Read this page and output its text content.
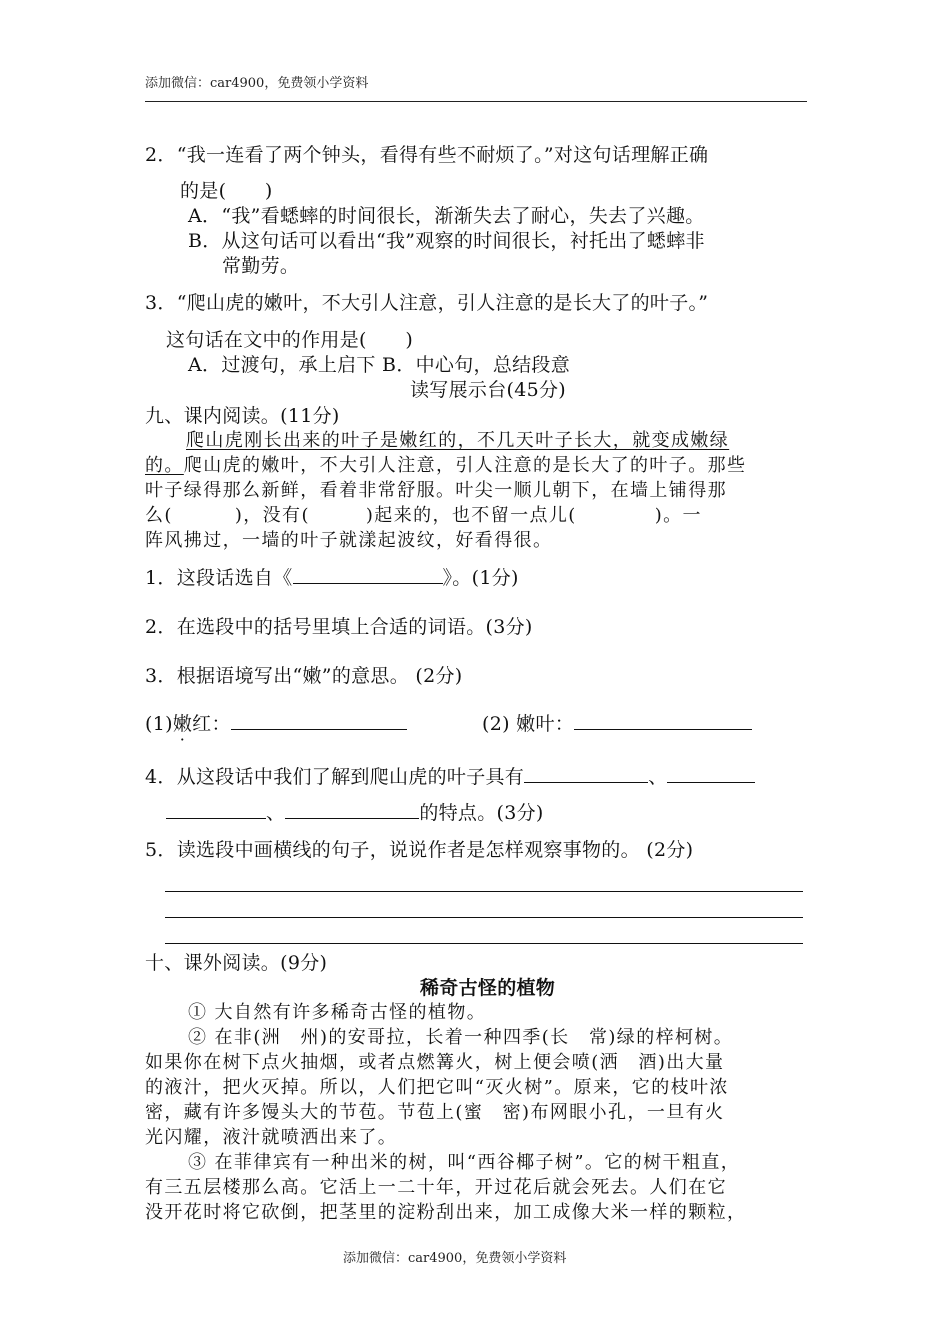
添加微信：car4900，免费领小学资料
2．“我一连看了两个钟头，看得有些不耐烦了。”对这句话理解正确
的是(　　)
A．“我”看蟋蟀的时间很长，渐渐失去了耐心，失去了兴趣。
B．从这句话可以看出“我”观察的时间很长，衬托出了蟋蟀非
常勤劳。
3．“爬山虎的嫩叶，不大引人注意，引人注意的是长大了的叶子。”
这句话在文中的作用是(　　)
A．过渡句，承上启下 B．中心句，总结段意
读写展示台(45分)
九、课内阅读。(11分)
爬山虎刚长出来的叶子是嫩红的，不几天叶子长大，就变成嫩绿
的。爬山虎的嫩叶，不大引人注意，引人注意的是长大了的叶子。那些
叶子绿得那么新鲜，看着非常舒服。叶尖一顺儿朝下，在墙上铺得那
么(	)，没有(	)起来的，也不留一点儿(	)。一
阵风拂过，一墙的叶子就漾起波纹，好看得很。
1．这段话选自《	》。(1分)
2．在选段中的括号里填上合适的词语。(3分)
3．根据语境写出“嫩”的意思。 (2分)
(1)嫩红：	(2) 嫩叶：
4．从这段话中我们了解到爬山虎的叶子具有	、
、	的特点。(3分)
5．读选段中画横线的句子，说说作者是怎样观察事物的。 (2分)
十、课外阅读。(9分)
稀奇古怪的植物
① 大自然有许多稀奇古怪的植物。
② 在非(洲　州)的安哥拉，长着一种四季(长　常)绿的梓柯树。
如果你在树下点火抽烟，或者点燃篝火，树上便会喷(洒　酒)出大量
的液汁，把火灭掉。所以，人们把它叫“灭火树”。原来，它的枝叶浓
密，藏有许多馒头大的节苞。节苞上(蜜　密)布网眼小孔，一旦有火
光闪耀，液汁就喷洒出来了。
③ 在菲律宾有一种出米的树，叫“西谷椰子树”。它的树干粗直，
有三五层楼那么高。它活上一二十年，开过花后就会死去。人们在它
没开花时将它砍倒，把茎里的淀粉刮出来，加工成像大米一样的颗粒，
添加微信：car4900，免费领小学资料
